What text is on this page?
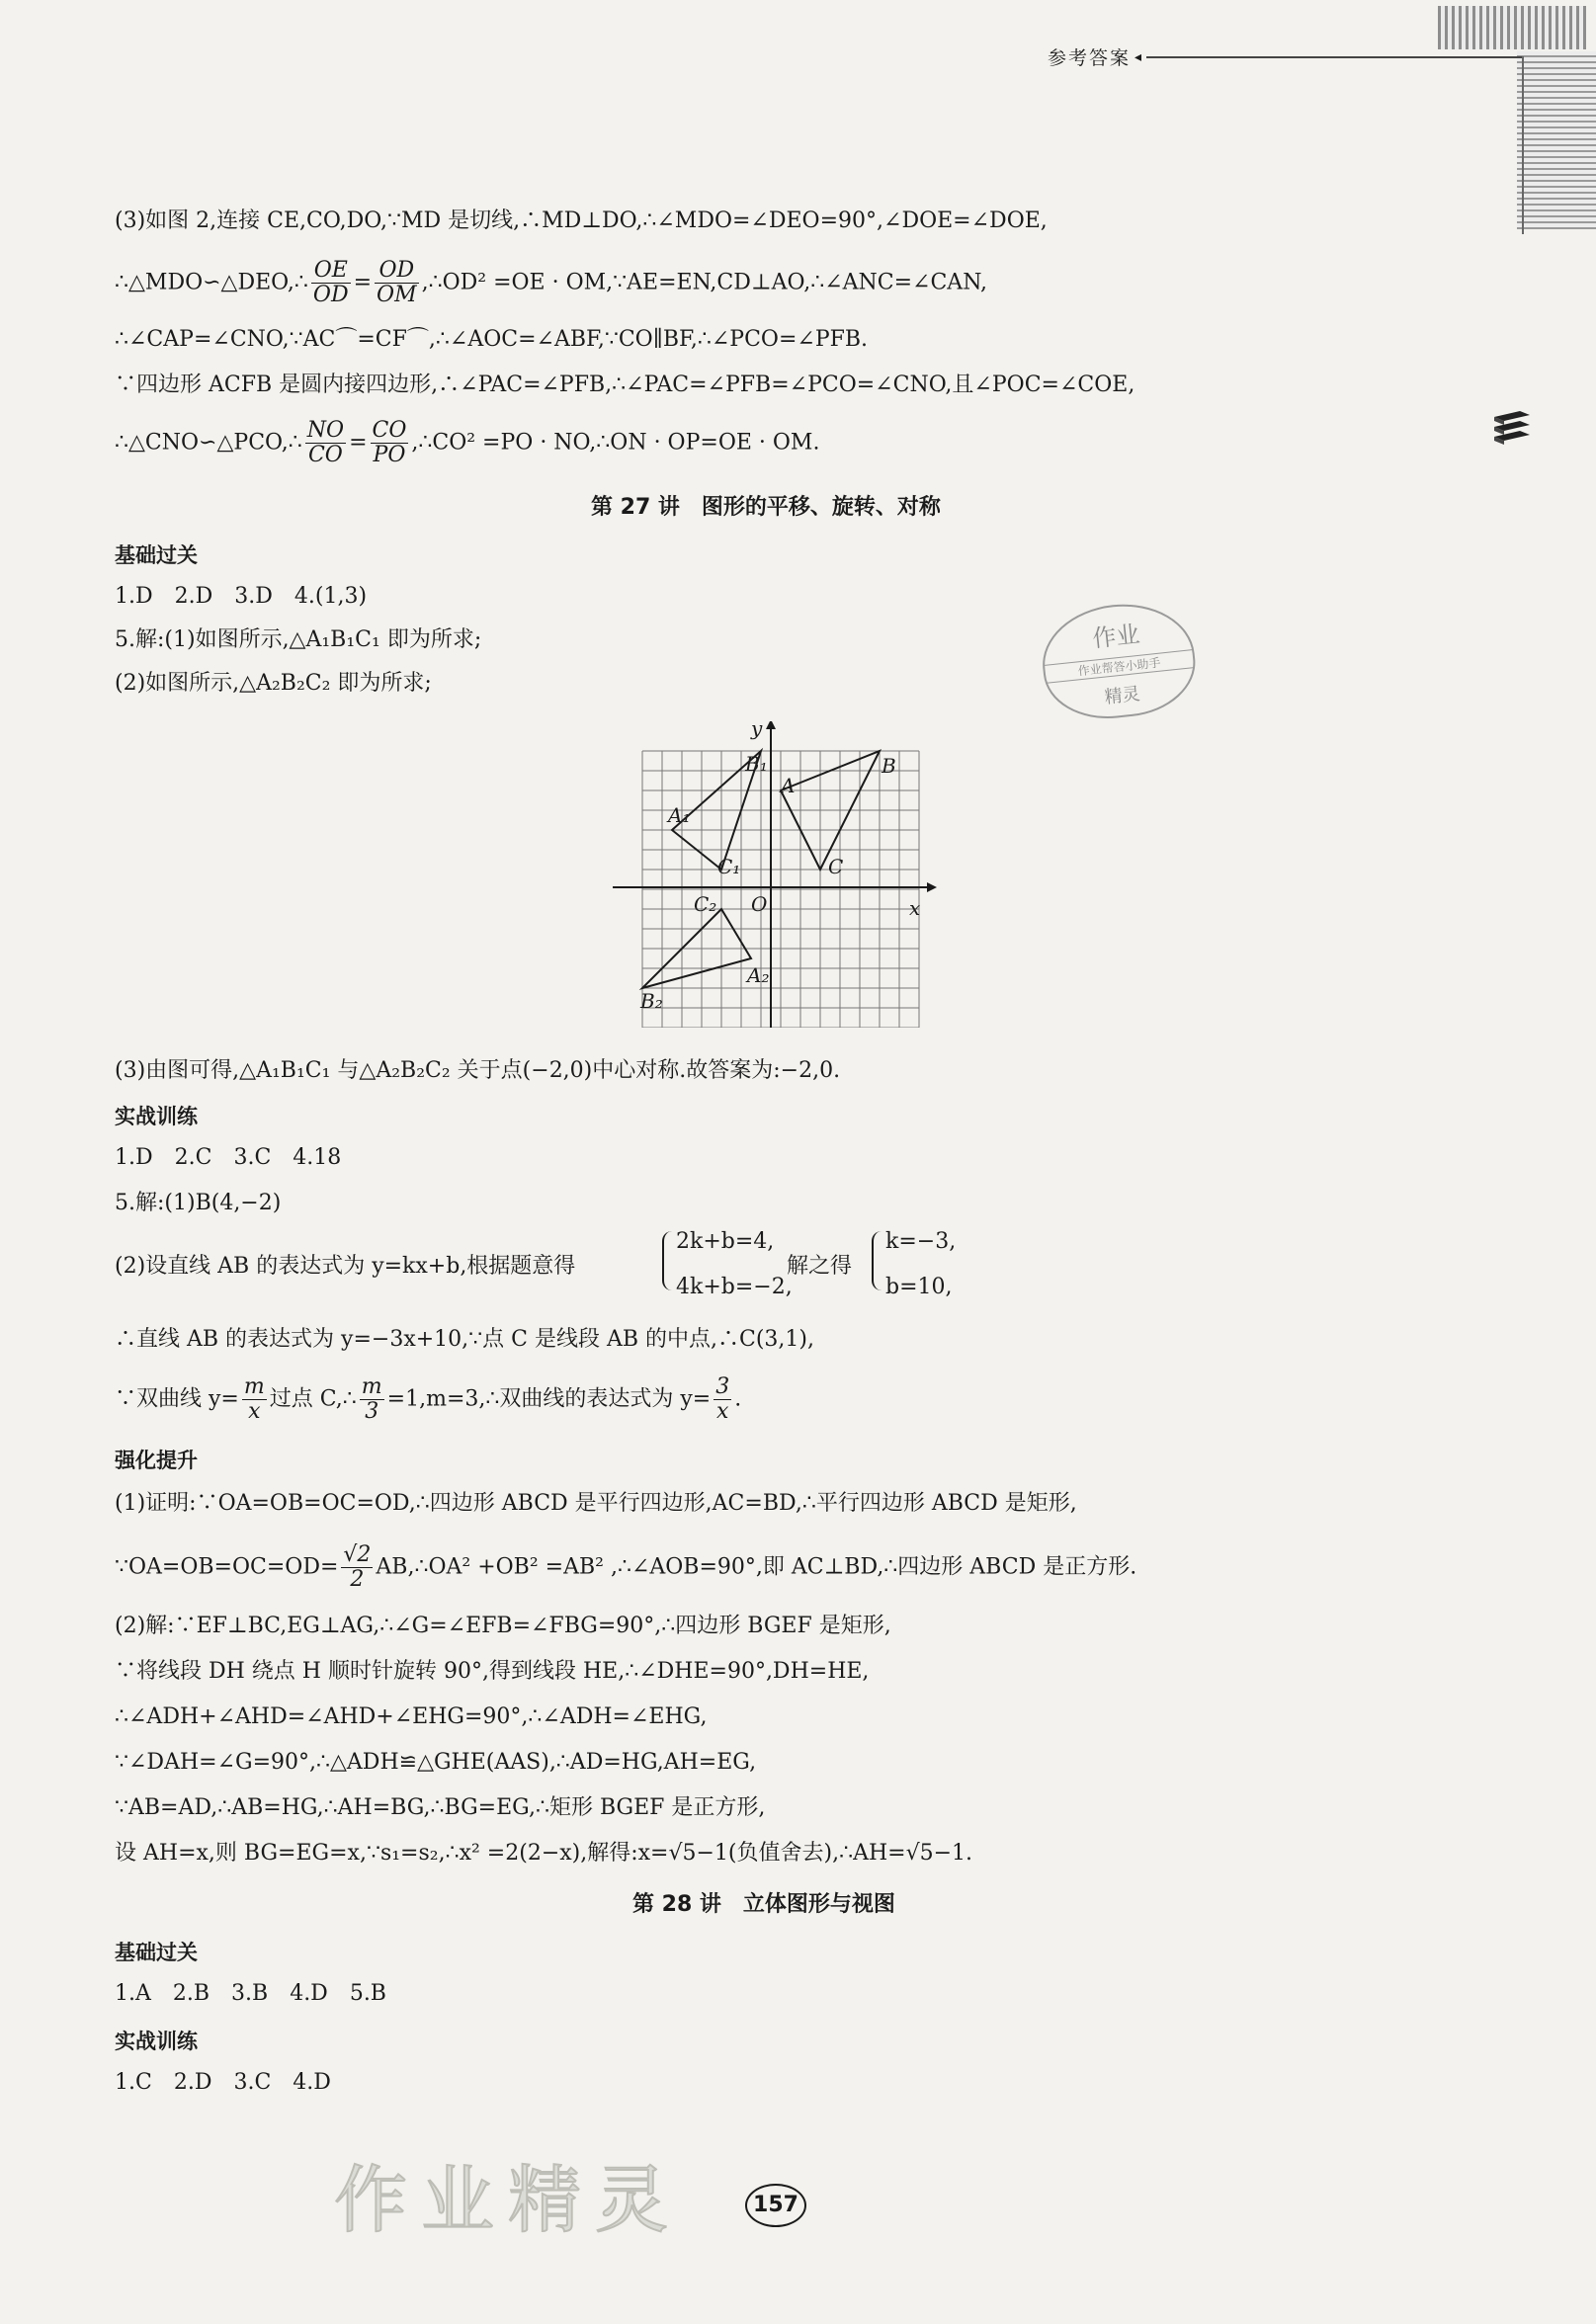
参考答案 ◂
(3)如图 2,连接 CE,CO,DO,∵MD 是切线,∴MD⊥DO,∴∠MDO=∠DEO=90°,∠DOE=∠DOE,
∴△MDO∽△DEO,∴ $\frac{OE}{OD} = \frac{OD}{OM}$ ,∴OD² =OE · OM,∵AE=EN,CD⊥AO,∴∠ANC=∠CAN,
∴∠CAP=∠CNO,∵AC⌒=CF⌒,∴∠AOC=∠ABF,∵CO∥BF,∴∠PCO=∠PFB.
∵四边形 ACFB 是圆内接四边形,∴∠PAC=∠PFB,∴∠PAC=∠PFB=∠PCO=∠CNO,且∠POC=∠COE,
∴△CNO∽△PCO,∴ $\frac{NO}{CO} = \frac{CO}{PO}$ ,∴CO² =PO · NO,∴ON · OP=OE · OM.
第 27 讲　图形的平移、旋转、对称
基础过关
1.D　2.D　3.D　4.(1,3)
5.解:(1)如图所示,△A₁B₁C₁ 即为所求;
(2)如图所示,△A₂B₂C₂ 即为所求;
作业
作业帮答小助手
精灵
y
x
O
A
B
C
A₁
B₁
C₁
A₂
B₂
C₂
(3)由图可得,△A₁B₁C₁ 与△A₂B₂C₂ 关于点(−2,0)中心对称.故答案为:−2,0.
实战训练
1.D　2.C　3.C　4.18
5.解:(1)B(4,−2)
(2)设直线 AB 的表达式为 y=kx+b,根据题意得
2k+b=4,
4k+b=−2,
解之得
k=−3,
b=10,
∴直线 AB 的表达式为 y=−3x+10,∵点 C 是线段 AB 的中点,∴C(3,1),
∵双曲线 $y= \frac{m}{x}$ 过点 C,∴ $\frac{m}{3}$ =1,m=3,∴双曲线的表达式为 $y= \frac{3}{x}$ .
强化提升
(1)证明:∵OA=OB=OC=OD,∴四边形 ABCD 是平行四边形,AC=BD,∴平行四边形 ABCD 是矩形,
∵OA=OB=OC=OD= $\frac{√2}{2}$ AB,∴OA² +OB² =AB² ,∴∠AOB=90°,即 AC⊥BD,∴四边形 ABCD 是正方形.
(2)解:∵EF⊥BC,EG⊥AG,∴∠G=∠EFB=∠FBG=90°,∴四边形 BGEF 是矩形,
∵将线段 DH 绕点 H 顺时针旋转 90°,得到线段 HE,∴∠DHE=90°,DH=HE,
∴∠ADH+∠AHD=∠AHD+∠EHG=90°,∴∠ADH=∠EHG,
∵∠DAH=∠G=90°,∴△ADH≌△GHE(AAS),∴AD=HG,AH=EG,
∵AB=AD,∴AB=HG,∴AH=BG,∴BG=EG,∴矩形 BGEF 是正方形,
设 AH=x,则 BG=EG=x,∵s₁=s₂,∴x² =2(2−x),解得:x=√5−1(负值舍去),∴AH=√5−1.
第 28 讲　立体图形与视图
基础过关
1.A　2.B　3.B　4.D　5.B
实战训练
1.C　2.D　3.C　4.D
作业精灵	157
